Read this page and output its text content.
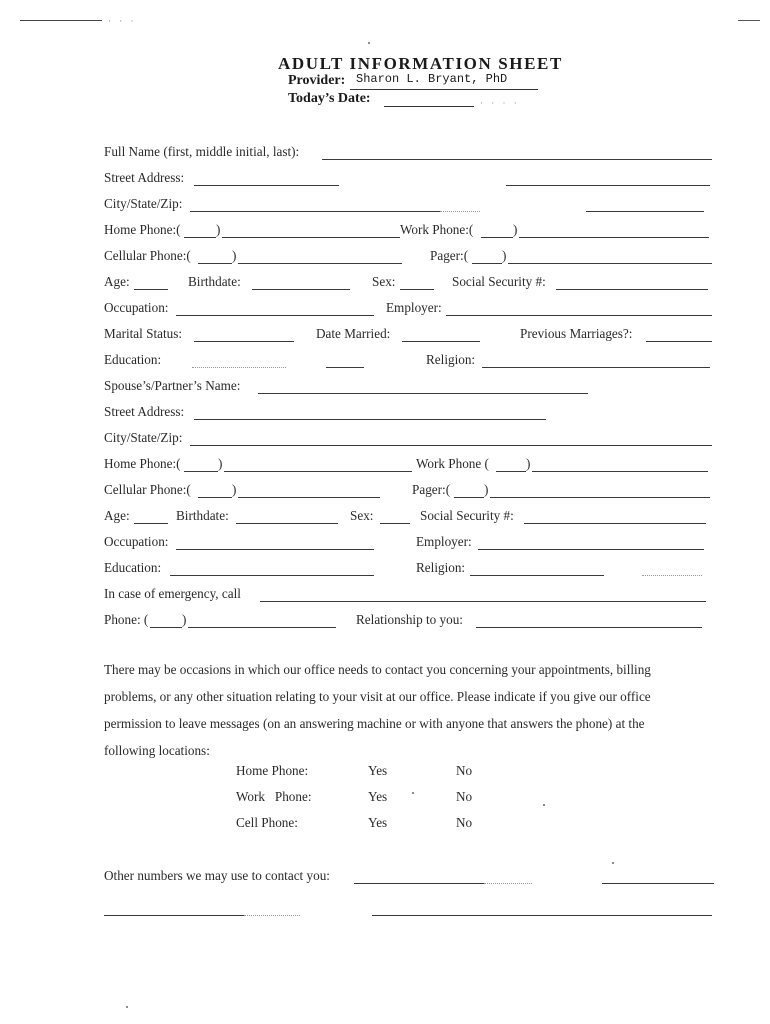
· · ·
ADULT INFORMATION SHEET
Provider: Sharon L. Bryant, PhD
Today’s Date:	· · · ·
Full Name (first, middle initial, last):
Street Address:
City/State/Zip:
Home Phone:(	)	Work Phone:(	)
Cellular Phone:(	)	Pager:(	)
Age:	Birthdate:	Sex:	Social Security #:
Occupation:	Employer:
Marital Status:	Date Married:	Previous Marriages?:
Education:	Religion:
Spouse’s/Partner’s Name:
Street Address:
City/State/Zip:
Home Phone:(	)	Work Phone (	)
Cellular Phone:(	)	Pager:(	)
Age:	Birthdate:	Sex:	Social Security #:
Occupation:	Employer:
Education:	Religion:
In case of emergency, call
Phone: (	)	Relationship to you:

There may be occasions in which our office needs to contact you concerning your appointments, billing

problems, or any other situation relating to your visit at our office. Please indicate if you give our office

permission to leave messages (on an answering machine or with anyone that answers the phone) at the

following locations:

Home Phone:	Yes	No
Work   Phone:	Yes	No
Cell Phone:	Yes	No
Other numbers we may use to contact you:
